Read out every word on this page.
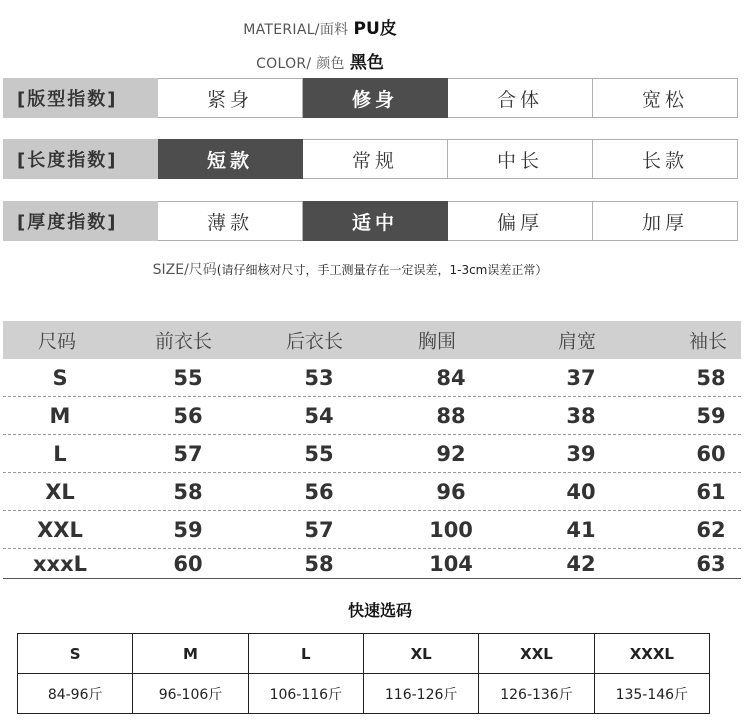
MATERIAL/面料 PU皮
COLOR/ 颜色 黑色
[版型指数]	紧身	修身	合体	宽松
[长度指数]	短款	常规	中长	长款
[厚度指数]	薄款	适中	偏厚	加厚
SIZE/尺码(请仔细核对尺寸，手工测量存在一定误差，1-3cm误差正常）
尺码	前衣长	后衣长	胸围	肩宽	袖长
S	55	53	84	37	58
M	56	54	88	38	59
L	57	55	92	39	60
XL	58	56	96	40	61
XXL	59	57	100	41	62
xxxL	60	58	104	42	63
快速选码
S	M	L	XL	XXL	XXXL
84-96斤	96-106斤	106-116斤	116-126斤	126-136斤	135-146斤
